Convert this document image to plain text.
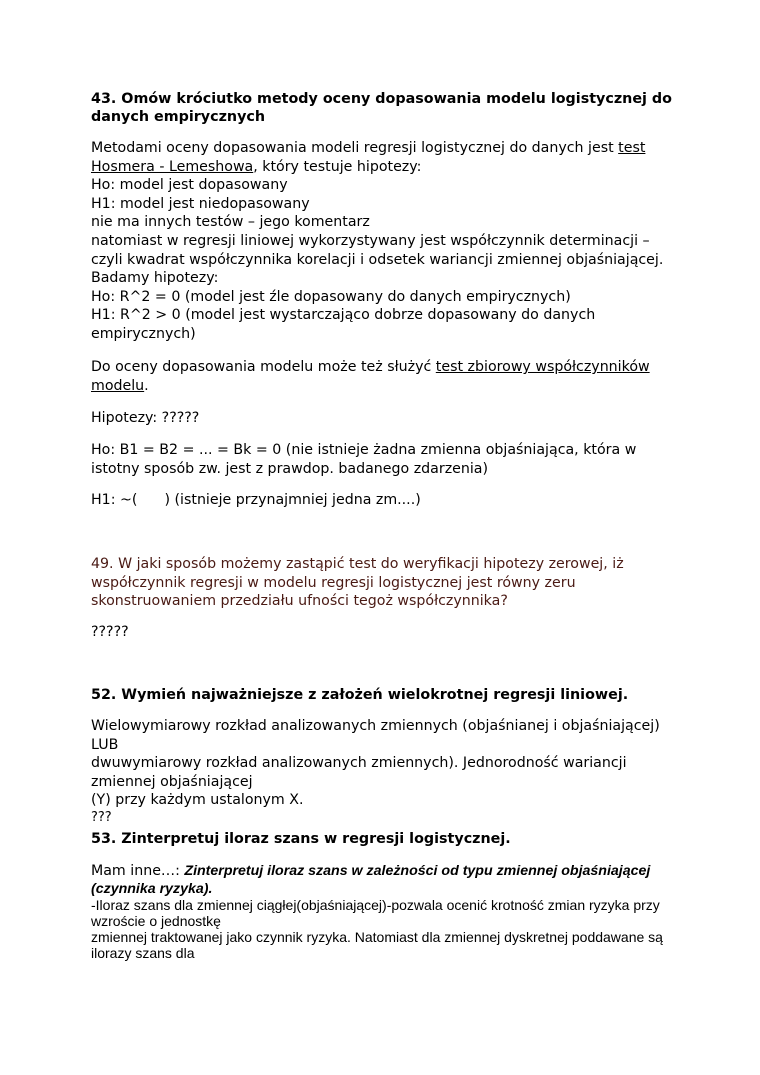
43. Omów króciutko metody oceny dopasowania modelu logistycznej do
danych empirycznych
Metodami oceny dopasowania modeli regresji logistycznej do danych jest test
Hosmera - Lemeshowa, który testuje hipotezy:
Ho: model jest dopasowany
H1: model jest niedopasowany
nie ma innych testów – jego komentarz
natomiast w regresji liniowej wykorzystywany jest współczynnik determinacji –
czyli kwadrat współczynnika korelacji i odsetek wariancji zmiennej objaśniającej.
Badamy hipotezy:
Ho: R^2 = 0 (model jest źle dopasowany do danych empirycznych)
H1: R^2 > 0 (model jest wystarczająco dobrze dopasowany do danych
empirycznych)
Do oceny dopasowania modelu może też służyć test zbiorowy współczynników
modelu.
Hipotezy: ?????
Ho: B1 = B2 = ... = Bk = 0 (nie istnieje żadna zmienna objaśniająca, która w
istotny sposób zw. jest z prawdop. badanego zdarzenia)
H1: ~(      ) (istnieje przynajmniej jedna zm....)
49. W jaki sposób możemy zastąpić test do weryfikacji hipotezy zerowej, iż
współczynnik regresji w modelu regresji logistycznej jest równy zeru
skonstruowaniem przedziału ufności tegoż współczynnika?
?????
52. Wymień najważniejsze z założeń wielokrotnej regresji liniowej.
Wielowymiarowy rozkład analizowanych zmiennych (objaśnianej i objaśniającej)
LUB
dwuwymiarowy rozkład analizowanych zmiennych). Jednorodność wariancji
zmiennej objaśniającej
(Y) przy każdym ustalonym X.
???
53. Zinterpretuj iloraz szans w regresji logistycznej.
Mam inne…: Zinterpretuj iloraz szans w zależności od typu zmiennej objaśniającej
(czynnika ryzyka).
-Iloraz szans dla zmiennej ciągłej(objaśniającej)-pozwala ocenić krotność zmian ryzyka przy
wzroście o jednostkę
zmiennej traktowanej jako czynnik ryzyka. Natomiast dla zmiennej dyskretnej poddawane są
ilorazy szans dla
